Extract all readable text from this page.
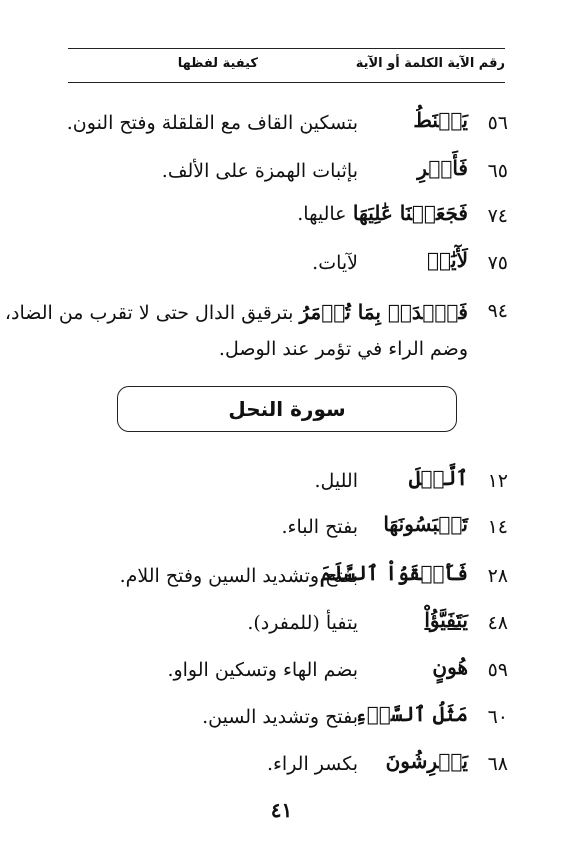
رقم الآية
الكلمة أو الآية
كيفية لفظها
٥٦
يَقۡنَطُ
بتسكين القاف مع القلقلة وفتح النون.
٦٥
فَأَسۡرِ
بإثبات الهمزة على الألف.
٧٤
فَجَعَلۡنَا عَٰلِيَهَا عاليها.
٧٥
لَأٓيَٰتٖ
لآيات.
٩٤
فَٱصۡدَعۡ بِمَا تُؤۡمَرُ بترقيق الدال حتى لا تقرب من الضاد،
وضم الراء في تؤمر عند الوصل.
سورة النحل
١٢
ٱلَّيۡلَ
الليل.
١٤
تَلۡبَسُونَهَا
بفتح الباء.
٢٨
فَأَلۡقَوُاْ ٱلسَّلَمَ
بفتح وتشديد السين وفتح اللام.
٤٨
يَتَفَيَّؤُاْ
يتفيأ (للمفرد).
٥٩
هُونٍ
بضم الهاء وتسكين الواو.
٦٠
مَثَلُ ٱلسَّوۡءِ
بفتح وتشديد السين.
٦٨
يَعۡرِشُونَ
بكسر الراء.
٤١
